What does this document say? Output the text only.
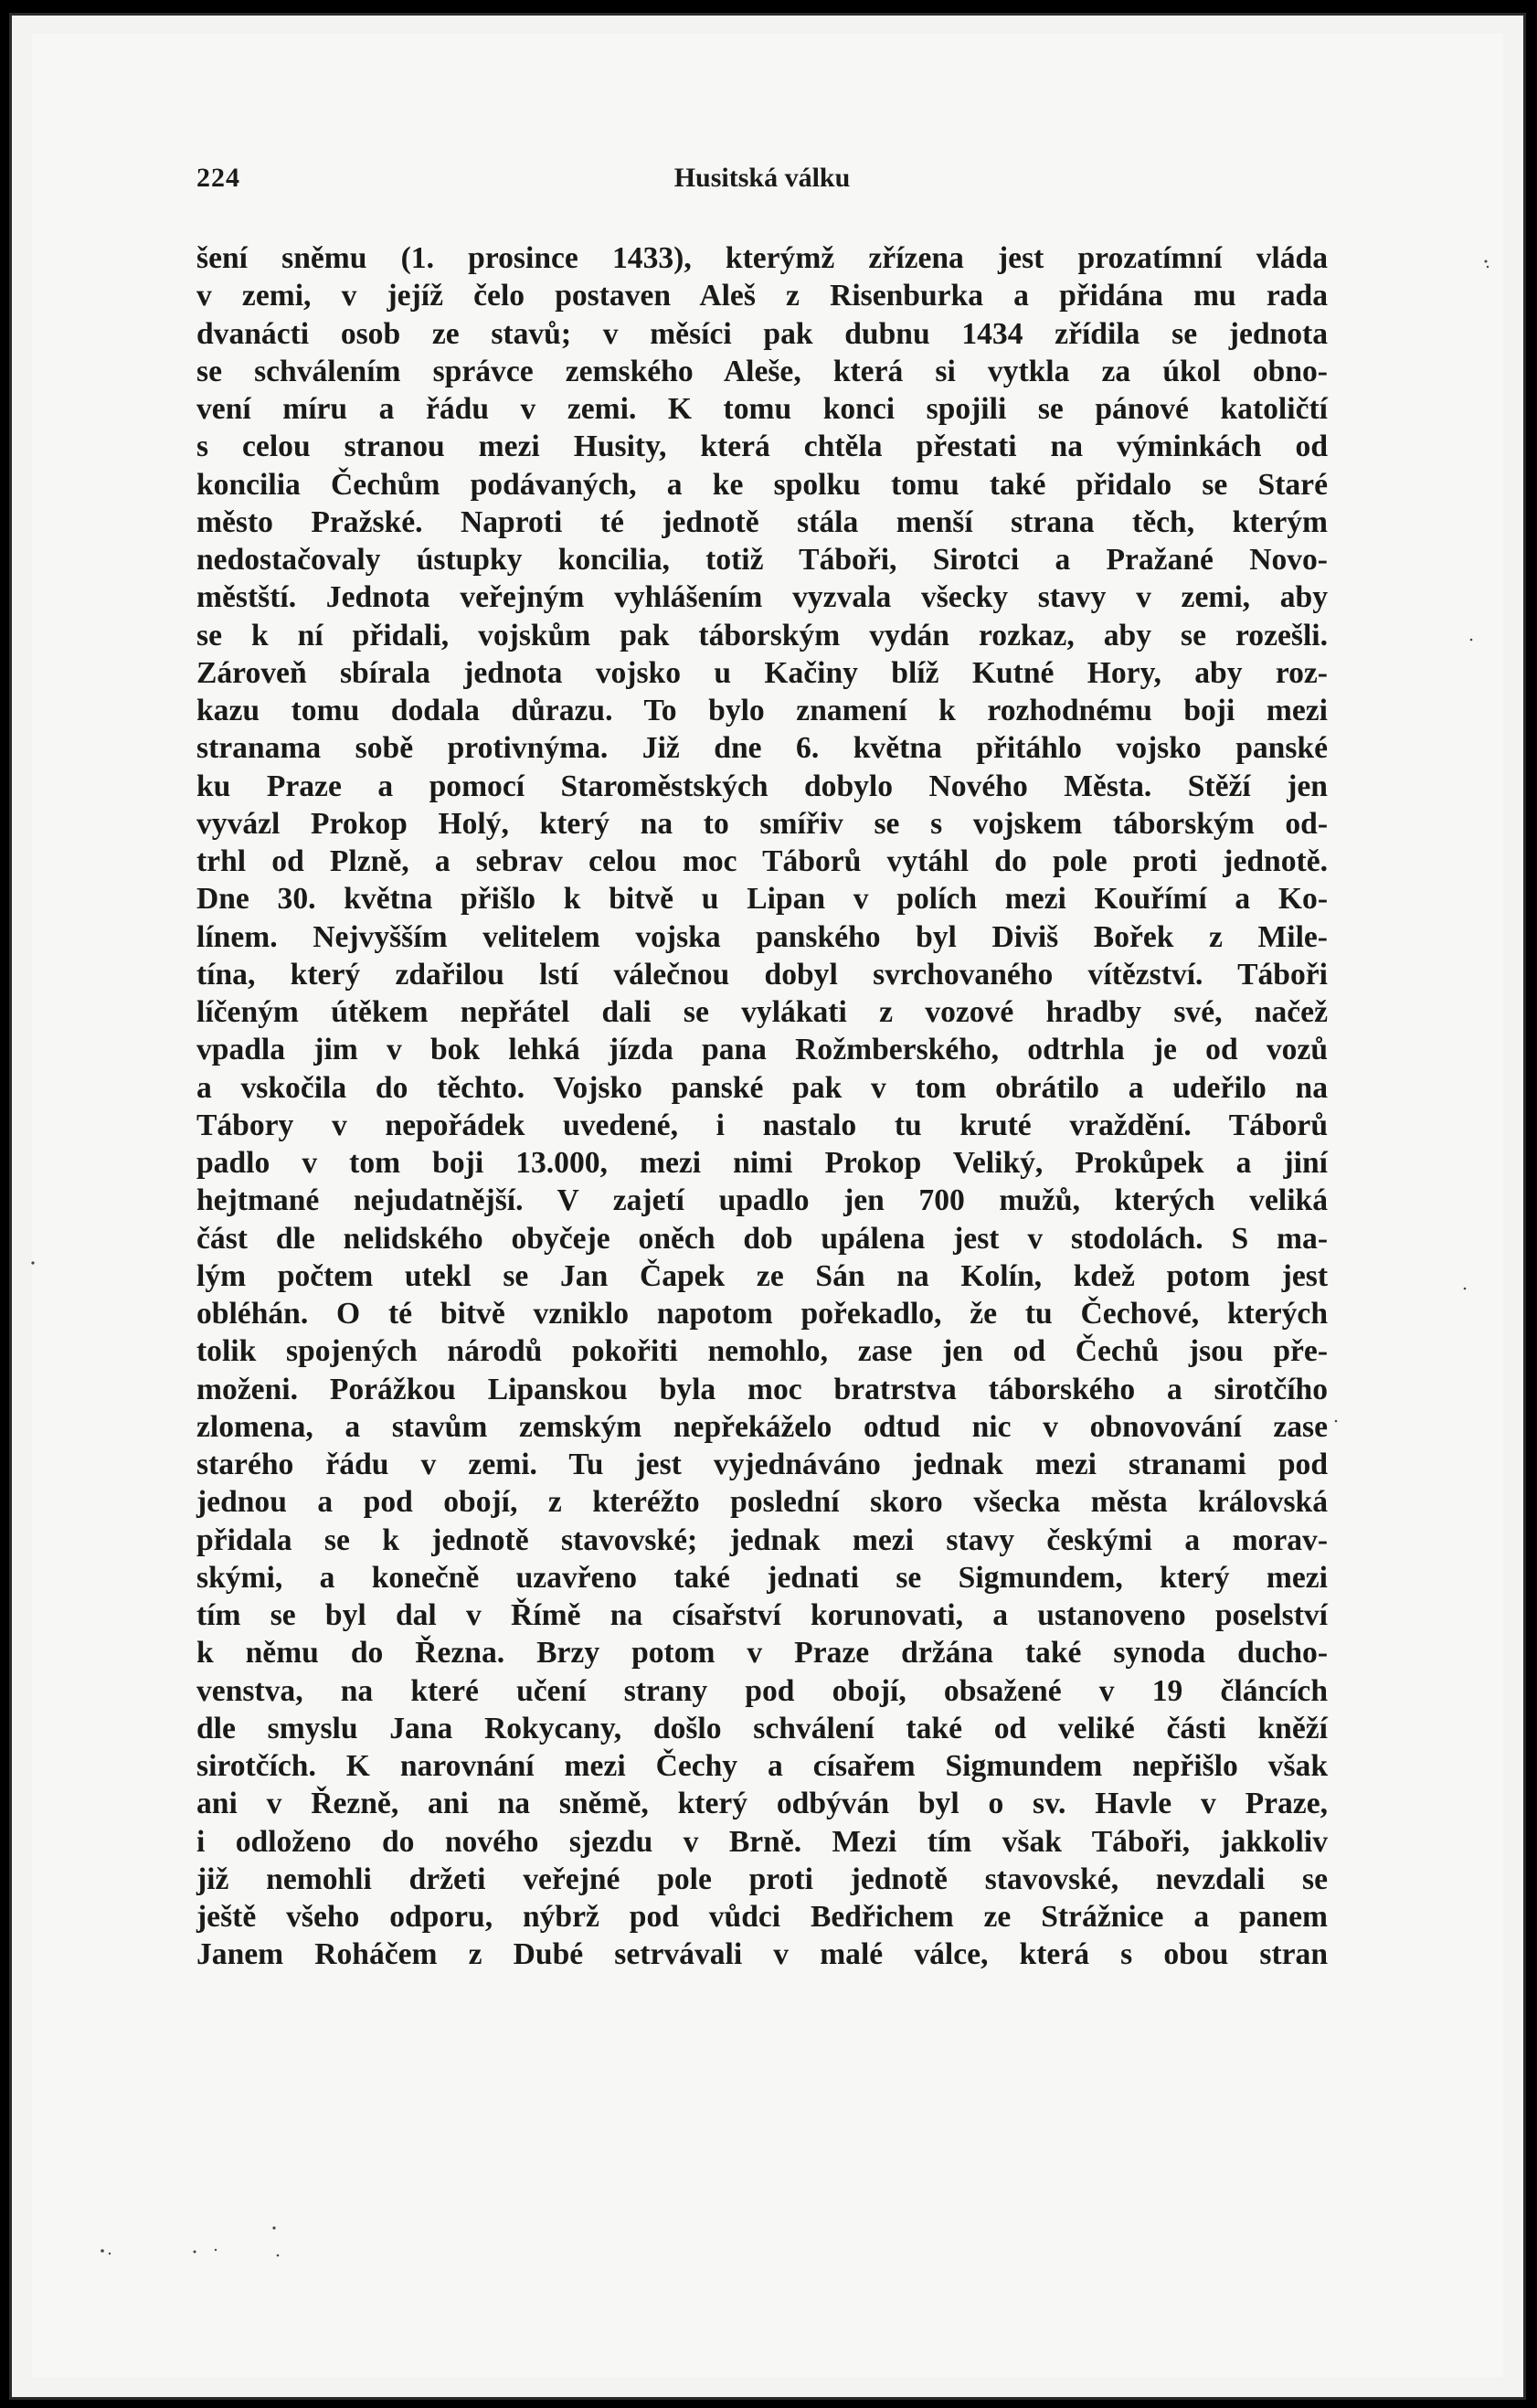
224	Husitská válku
šení sněmu (1. prosince 1433), kterýmž zřízena jest prozatímní vláda
v zemi, v jejíž čelo postaven Aleš z Risenburka a přidána mu rada
dvanácti osob ze stavů; v měsíci pak dubnu 1434 zřídila se jednota
se schválením správce zemského Aleše, která si vytkla za úkol obno-
vení míru a řádu v zemi. K tomu konci spojili se pánové katoličtí
s celou stranou mezi Husity, která chtěla přestati na výminkách od
koncilia Čechům podávaných, a ke spolku tomu také přidalo se Staré
město Pražské. Naproti té jednotě stála menší strana těch, kterým
nedostačovaly ústupky koncilia, totiž Táboři, Sirotci a Pražané Novo-
městští. Jednota veřejným vyhlášením vyzvala všecky stavy v zemi, aby
se k ní přidali, vojskům pak táborským vydán rozkaz, aby se rozešli.
Zároveň sbírala jednota vojsko u Kačiny blíž Kutné Hory, aby roz-
kazu tomu dodala důrazu. To bylo znamení k rozhodnému boji mezi
stranama sobě protivnýma. Již dne 6. května přitáhlo vojsko panské
ku Praze a pomocí Staroměstských dobylo Nového Města. Stěží jen
vyvázl Prokop Holý, který na to smířiv se s vojskem táborským od-
trhl od Plzně, a sebrav celou moc Táborů vytáhl do pole proti jednotě.
Dne 30. května přišlo k bitvě u Lipan v polích mezi Kouřímí a Ko-
línem. Nejvyšším velitelem vojska panského byl Diviš Bořek z Mile-
tína, který zdařilou lstí válečnou dobyl svrchovaného vítězství. Táboři
líčeným útěkem nepřátel dali se vylákati z vozové hradby své, načež
vpadla jim v bok lehká jízda pana Rožmberského, odtrhla je od vozů
a vskočila do těchto. Vojsko panské pak v tom obrátilo a udeřilo na
Tábory v nepořádek uvedené, i nastalo tu kruté vraždění. Táborů
padlo v tom boji 13.000, mezi nimi Prokop Veliký, Prokůpek a jiní
hejtmané nejudatnější. V zajetí upadlo jen 700 mužů, kterých veliká
část dle nelidského obyčeje oněch dob upálena jest v stodolách. S ma-
lým počtem utekl se Jan Čapek ze Sán na Kolín, kdež potom jest
obléhán. O té bitvě vzniklo napotom pořekadlo, že tu Čechové, kterých
tolik spojených národů pokořiti nemohlo, zase jen od Čechů jsou pře-
moženi. Porážkou Lipanskou byla moc bratrstva táborského a sirotčího
zlomena, a stavům zemským nepřekáželo odtud nic v obnovování zase
starého řádu v zemi. Tu jest vyjednáváno jednak mezi stranami pod
jednou a pod obojí, z kteréžto poslední skoro všecka města královská
přidala se k jednotě stavovské; jednak mezi stavy českými a morav-
skými, a konečně uzavřeno také jednati se Sigmundem, který mezi
tím se byl dal v Římě na císařství korunovati, a ustanoveno poselství
k němu do Řezna. Brzy potom v Praze držána také synoda ducho-
venstva, na které učení strany pod obojí, obsažené v 19 článcích
dle smyslu Jana Rokycany, došlo schválení také od veliké části kněží
sirotčích. K narovnání mezi Čechy a císařem Sigmundem nepřišlo však
ani v Řezně, ani na sněmě, který odbýván byl o sv. Havle v Praze,
i odloženo do nového sjezdu v Brně. Mezi tím však Táboři, jakkoliv
již nemohli držeti veřejné pole proti jednotě stavovské, nevzdali se
ještě všeho odporu, nýbrž pod vůdci Bedřichem ze Strážnice a panem
Janem Roháčem z Dubé setrvávali v malé válce, která s obou stran
